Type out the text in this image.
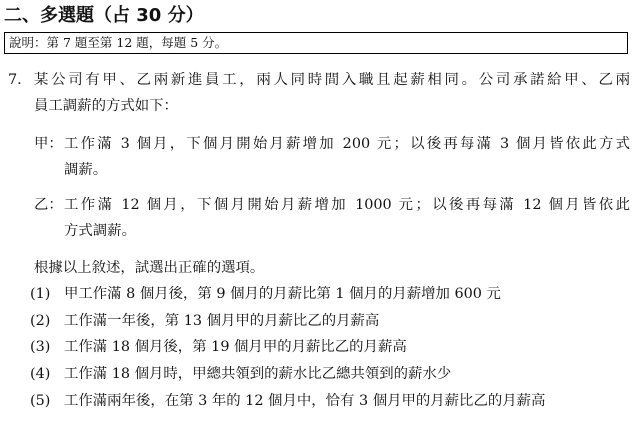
二、多選題（占 30 分）
說明：第 7 題至第 12 題，每題 5 分。
7. 某公司有甲、乙兩新進員工，兩人同時間入職且起薪相同。公司承諾給甲、乙兩
員工調薪的方式如下：
甲： 工作滿 3 個月，下個月開始月薪增加 200 元；以後再每滿 3 個月皆依此方式
調薪。
乙： 工作滿 12 個月，下個月開始月薪增加 1000 元；以後再每滿 12 個月皆依此
方式調薪。
根據以上敘述，試選出正確的選項。
(1) 甲工作滿 8 個月後，第 9 個月的月薪比第 1 個月的月薪增加 600 元
(2) 工作滿一年後，第 13 個月甲的月薪比乙的月薪高
(3) 工作滿 18 個月後，第 19 個月甲的月薪比乙的月薪高
(4) 工作滿 18 個月時，甲總共領到的薪水比乙總共領到的薪水少
(5) 工作滿兩年後，在第 3 年的 12 個月中，恰有 3 個月甲的月薪比乙的月薪高
